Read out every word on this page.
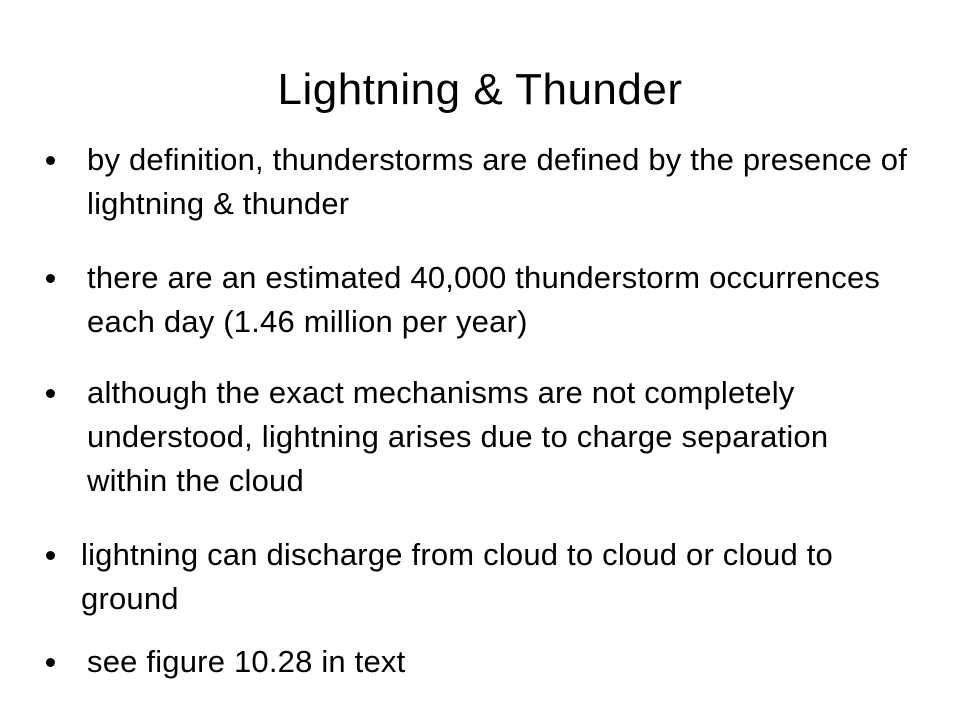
Lightning & Thunder
by definition, thunderstorms are defined by the presence of lightning & thunder
there are an estimated 40,000 thunderstorm occurrences each day (1.46 million per year)
although the exact mechanisms are not completely understood, lightning arises due to charge separation within the cloud
lightning can discharge from cloud to cloud or cloud to ground
see figure 10.28 in text
